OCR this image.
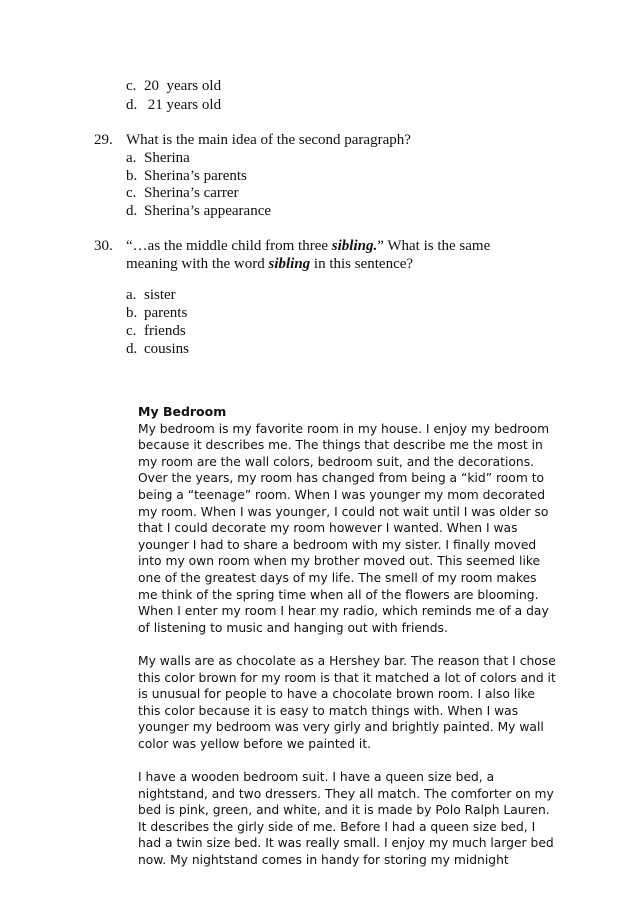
c. 20  years old
d. 21 years old
29. What is the main idea of the second paragraph?
a. Sherina
b. Sherina’s parents
c. Sherina’s carrer
d. Sherina’s appearance
30. “…as the middle child from three sibling.” What is the same
meaning with the word sibling in this sentence?
a. sister
b. parents
c. friends
d. cousins
My Bedroom

My bedroom is my favorite room in my house. I enjoy my bedroom because it describes me. The things that describe me the most in my room are the wall colors, bedroom suit, and the decorations. Over the years, my room has changed from being a “kid” room to being a “teenage” room. When I was younger my mom decorated my room. When I was younger, I could not wait until I was older so that I could decorate my room however I wanted. When I was younger I had to share a bedroom with my sister. I finally moved into my own room when my brother moved out. This seemed like one of the greatest days of my life. The smell of my room makes me think of the spring time when all of the flowers are blooming. When I enter my room I hear my radio, which reminds me of a day of listening to music and hanging out with friends.

My walls are as chocolate as a Hershey bar. The reason that I chose this color brown for my room is that it matched a lot of colors and it is unusual for people to have a chocolate brown room. I also like this color because it is easy to match things with. When I was younger my bedroom was very girly and brightly painted. My wall color was yellow before we painted it.

I have a wooden bedroom suit. I have a queen size bed, a nightstand, and two dressers. They all match. The comforter on my bed is pink, green, and white, and it is made by Polo Ralph Lauren. It describes the girly side of me. Before I had a queen size bed, I had a twin size bed. It was really small. I enjoy my much larger bed now. My nightstand comes in handy for storing my midnight
